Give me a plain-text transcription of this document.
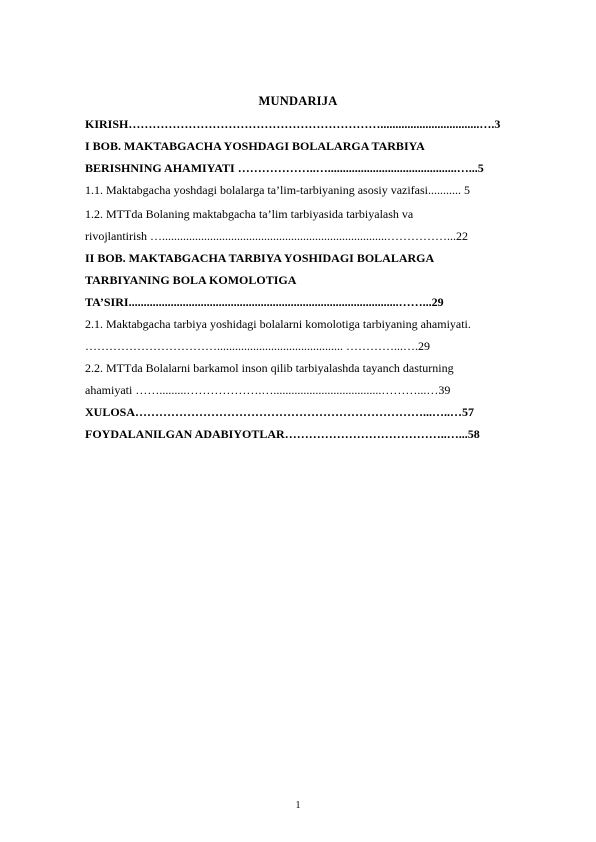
MUNDARIJA
KIRISH……………………………………………………….................................….3
I BOB. MAKTABGACHA YOSHDAGI BOLALARGA TARBIYA
BERISHNING AHAMIYATI ………………..…...........................................…...5
1.1. Maktabgacha yoshdagi bolalarga ta’lim-tarbiyaning asosiy vazifasi........... 5
1.2. MTTda Bolaning maktabgacha ta’lim tarbiyasida tarbiyalash va
rivojlantirish …...........................................................................……………...22
II BOB. MAKTABGACHA TARBIYA YOSHIDAGI BOLALARGA
TARBIYANING BOLA KOMOLOTIGA
TA’SIRI..........................................................................................……...29
2.1. Maktabgacha tarbiya yoshidagi bolalarni komolotiga tarbiyaning ahamiyati.
…………………………….......................................... …………...….29
2.2. MTTda Bolalarni barkamol inson qilib tarbiyalashda tayanch dasturning
ahamiyati …….........……………….…....................................………...…39
XULOSA………………………………………………………………...…..…57
FOYDALANILGAN ADABIYOTLAR…………………………………..…...58
1
